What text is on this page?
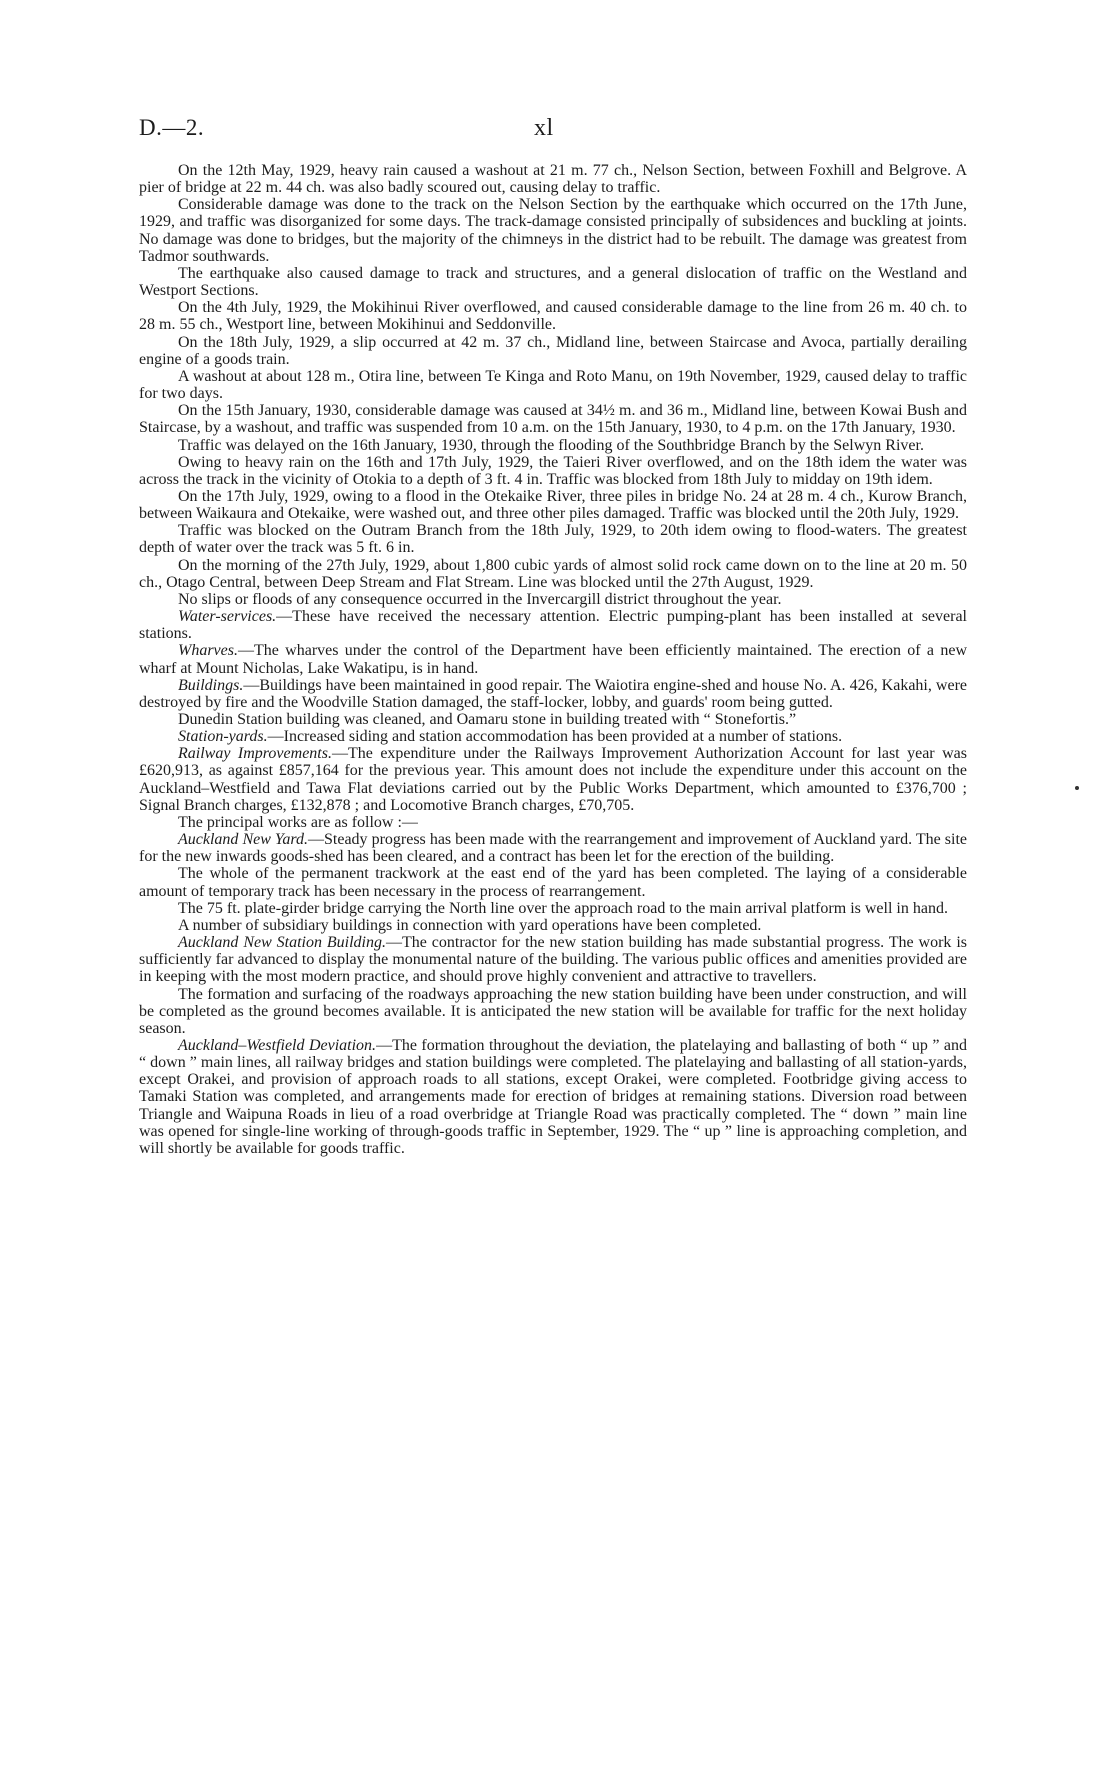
D.—2.	xl

On the 12th May, 1929, heavy rain caused a washout at 21 m. 77 ch., Nelson Section, between Foxhill and Belgrove. A pier of bridge at 22 m. 44 ch. was also badly scoured out, causing delay to traffic.

Considerable damage was done to the track on the Nelson Section by the earthquake which occurred on the 17th June, 1929, and traffic was disorganized for some days. The track-damage consisted principally of subsidences and buckling at joints. No damage was done to bridges, but the majority of the chimneys in the district had to be rebuilt. The damage was greatest from Tadmor southwards.

The earthquake also caused damage to track and structures, and a general dislocation of traffic on the Westland and Westport Sections.

On the 4th July, 1929, the Mokihinui River overflowed, and caused considerable damage to the line from 26 m. 40 ch. to 28 m. 55 ch., Westport line, between Mokihinui and Seddonville.

On the 18th July, 1929, a slip occurred at 42 m. 37 ch., Midland line, between Staircase and Avoca, partially derailing engine of a goods train.

A washout at about 128 m., Otira line, between Te Kinga and Roto Manu, on 19th November, 1929, caused delay to traffic for two days.

On the 15th January, 1930, considerable damage was caused at 34½ m. and 36 m., Midland line, between Kowai Bush and Staircase, by a washout, and traffic was suspended from 10 a.m. on the 15th January, 1930, to 4 p.m. on the 17th January, 1930.

Traffic was delayed on the 16th January, 1930, through the flooding of the Southbridge Branch by the Selwyn River.

Owing to heavy rain on the 16th and 17th July, 1929, the Taieri River overflowed, and on the 18th idem the water was across the track in the vicinity of Otokia to a depth of 3 ft. 4 in. Traffic was blocked from 18th July to midday on 19th idem.

On the 17th July, 1929, owing to a flood in the Otekaike River, three piles in bridge No. 24 at 28 m. 4 ch., Kurow Branch, between Waikaura and Otekaike, were washed out, and three other piles damaged. Traffic was blocked until the 20th July, 1929.

Traffic was blocked on the Outram Branch from the 18th July, 1929, to 20th idem owing to flood-waters. The greatest depth of water over the track was 5 ft. 6 in.

On the morning of the 27th July, 1929, about 1,800 cubic yards of almost solid rock came down on to the line at 20 m. 50 ch., Otago Central, between Deep Stream and Flat Stream. Line was blocked until the 27th August, 1929.

No slips or floods of any consequence occurred in the Invercargill district throughout the year.

Water-services.—These have received the necessary attention. Electric pumping-plant has been installed at several stations.

Wharves.—The wharves under the control of the Department have been efficiently maintained. The erection of a new wharf at Mount Nicholas, Lake Wakatipu, is in hand.

Buildings.—Buildings have been maintained in good repair. The Waiotira engine-shed and house No. A. 426, Kakahi, were destroyed by fire and the Woodville Station damaged, the staff-locker, lobby, and guards' room being gutted.

Dunedin Station building was cleaned, and Oamaru stone in building treated with “ Stonefortis.”

Station-yards.—Increased siding and station accommodation has been provided at a number of stations.

Railway Improvements.—The expenditure under the Railways Improvement Authorization Account for last year was £620,913, as against £857,164 for the previous year. This amount does not include the expenditure under this account on the Auckland–Westfield and Tawa Flat deviations carried out by the Public Works Department, which amounted to £376,700 ; Signal Branch charges, £132,878 ; and Locomotive Branch charges, £70,705.

The principal works are as follow :—

Auckland New Yard.—Steady progress has been made with the rearrangement and improvement of Auckland yard. The site for the new inwards goods-shed has been cleared, and a contract has been let for the erection of the building.

The whole of the permanent trackwork at the east end of the yard has been completed. The laying of a considerable amount of temporary track has been necessary in the process of rearrangement.

The 75 ft. plate-girder bridge carrying the North line over the approach road to the main arrival platform is well in hand.

A number of subsidiary buildings in connection with yard operations have been completed.

Auckland New Station Building.—The contractor for the new station building has made substantial progress. The work is sufficiently far advanced to display the monumental nature of the building. The various public offices and amenities provided are in keeping with the most modern practice, and should prove highly convenient and attractive to travellers.

The formation and surfacing of the roadways approaching the new station building have been under construction, and will be completed as the ground becomes available. It is anticipated the new station will be available for traffic for the next holiday season.

Auckland–Westfield Deviation.—The formation throughout the deviation, the platelaying and ballasting of both “ up ” and “ down ” main lines, all railway bridges and station buildings were completed. The platelaying and ballasting of all station-yards, except Orakei, and provision of approach roads to all stations, except Orakei, were completed. Footbridge giving access to Tamaki Station was completed, and arrangements made for erection of bridges at remaining stations. Diversion road between Triangle and Waipuna Roads in lieu of a road overbridge at Triangle Road was practically completed. The “ down ” main line was opened for single-line working of through-goods traffic in September, 1929. The “ up ” line is approaching completion, and will shortly be available for goods traffic.
